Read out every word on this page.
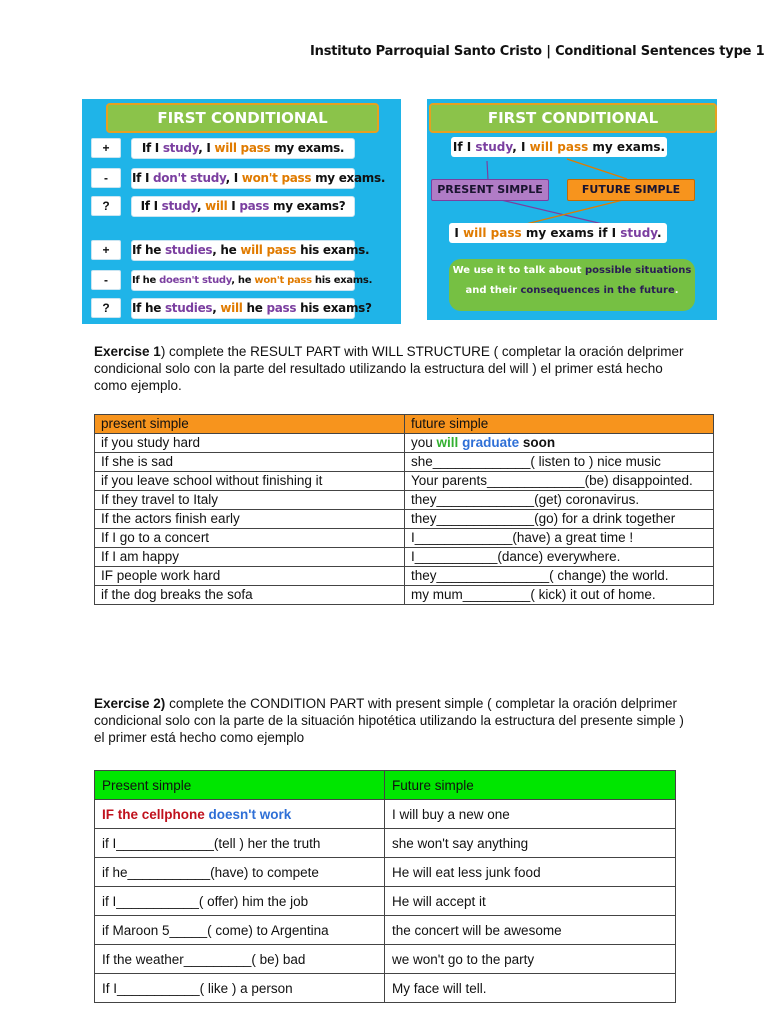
Instituto Parroquial Santo Cristo | Conditional Sentences type 1
FIRST CONDITIONAL
+	If I study, I will pass my exams.
-	If I don't study, I won't pass my exams.
?	If I study, will I pass my exams?
+	If he studies, he will pass his exams.
-	If he doesn't study, he won't pass his exams.
?	If he studies, will he pass his exams?
FIRST CONDITIONAL
If I study, I will pass my exams.
PRESENT SIMPLE	FUTURE SIMPLE
I will pass my exams if I study.
We use it to talk about possible situations
and their consequences in the future.
Exercise 1) complete the RESULT PART with WILL STRUCTURE ( completar la oración delprimer condicional solo con la parte del resultado utilizando la estructura del will ) el primer está hecho como ejemplo.
present simple	future simple
if you study hard	you will graduate soon
If she is sad	she_____________( listen to ) nice music
if you leave school without finishing it	Your parents_____________(be) disappointed.
If they travel to Italy	they_____________(get) coronavirus.
If the actors finish early	they_____________(go) for a drink together
If I go to a concert	I_____________(have) a great time !
If I am happy	I___________(dance) everywhere.
IF people work hard	they_______________( change) the world.
if the dog breaks the sofa	my mum_________( kick) it out of home.
Exercise 2) complete the CONDITION PART with present simple ( completar la oración delprimer condicional solo con la parte de la situación hipotética utilizando la estructura del presente simple ) el primer está hecho como ejemplo
Present simple	Future simple
IF the cellphone doesn't work	I will buy a new one
if I_____________(tell ) her the truth	she won't say anything
if he___________(have) to compete	He will eat less junk food
if I___________( offer) him the job	He will accept it
if Maroon 5_____( come) to Argentina	the concert will be awesome
If the weather_________( be) bad	we won't go to the party
If I___________( like ) a person	My face will tell.
